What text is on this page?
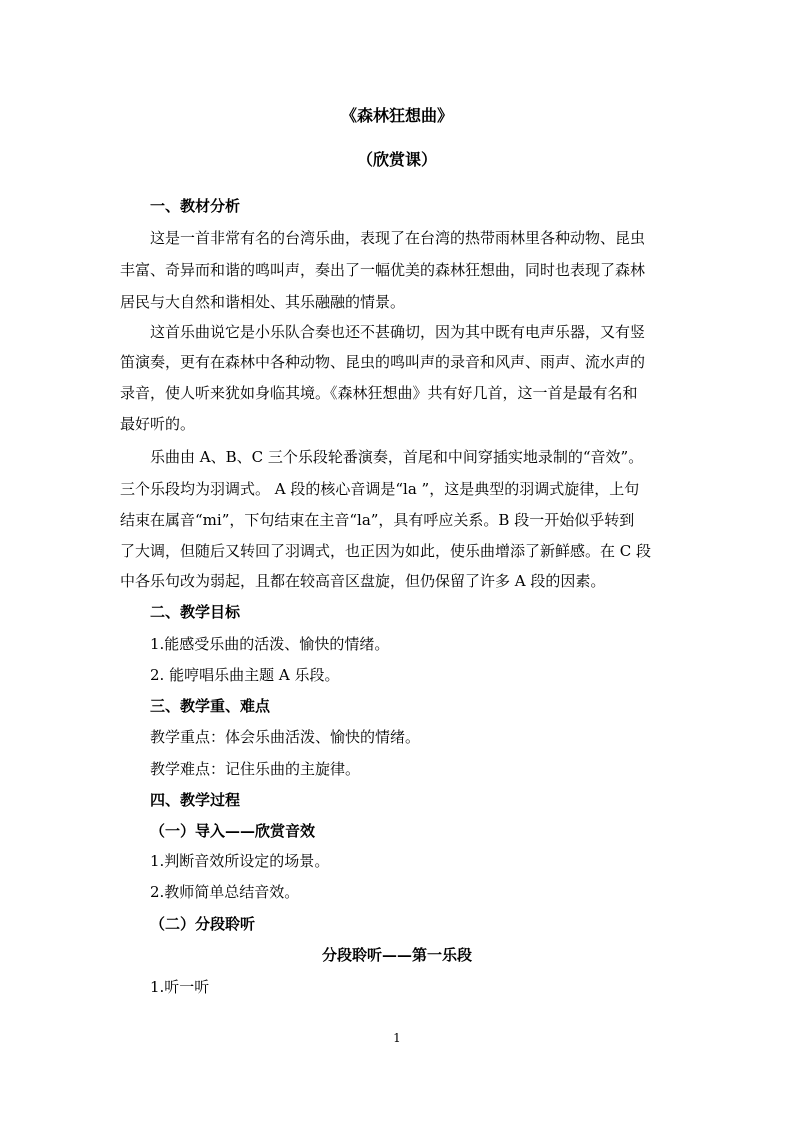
《森林狂想曲》
（欣赏课）
一、教材分析
这是一首非常有名的台湾乐曲，表现了在台湾的热带雨林里各种动物、昆虫
丰富、奇异而和谐的鸣叫声，奏出了一幅优美的森林狂想曲，同时也表现了森林
居民与大自然和谐相处、其乐融融的情景。
这首乐曲说它是小乐队合奏也还不甚确切，因为其中既有电声乐器，又有竖
笛演奏，更有在森林中各种动物、昆虫的鸣叫声的录音和风声、雨声、流水声的
录音，使人听来犹如身临其境。《森林狂想曲》共有好几首，这一首是最有名和
最好听的。
乐曲由 A、B、C 三个乐段轮番演奏，首尾和中间穿插实地录制的“音效”。
三个乐段均为羽调式。 A 段的核心音调是“la ”，这是典型的羽调式旋律，上句
结束在属音“mi”，下句结束在主音“la”，具有呼应关系。B 段一开始似乎转到
了大调，但随后又转回了羽调式，也正因为如此，使乐曲增添了新鲜感。在 C 段
中各乐句改为弱起，且都在较高音区盘旋，但仍保留了许多 A 段的因素。
二、教学目标
1.能感受乐曲的活泼、愉快的情绪。
2. 能哼唱乐曲主题 A 乐段。
三、教学重、难点
教学重点：体会乐曲活泼、愉快的情绪。
教学难点：记住乐曲的主旋律。
四、教学过程
（一）导入——欣赏音效
1.判断音效所设定的场景。
2.教师简单总结音效。
（二）分段聆听
分段聆听——第一乐段
1.听一听
1
